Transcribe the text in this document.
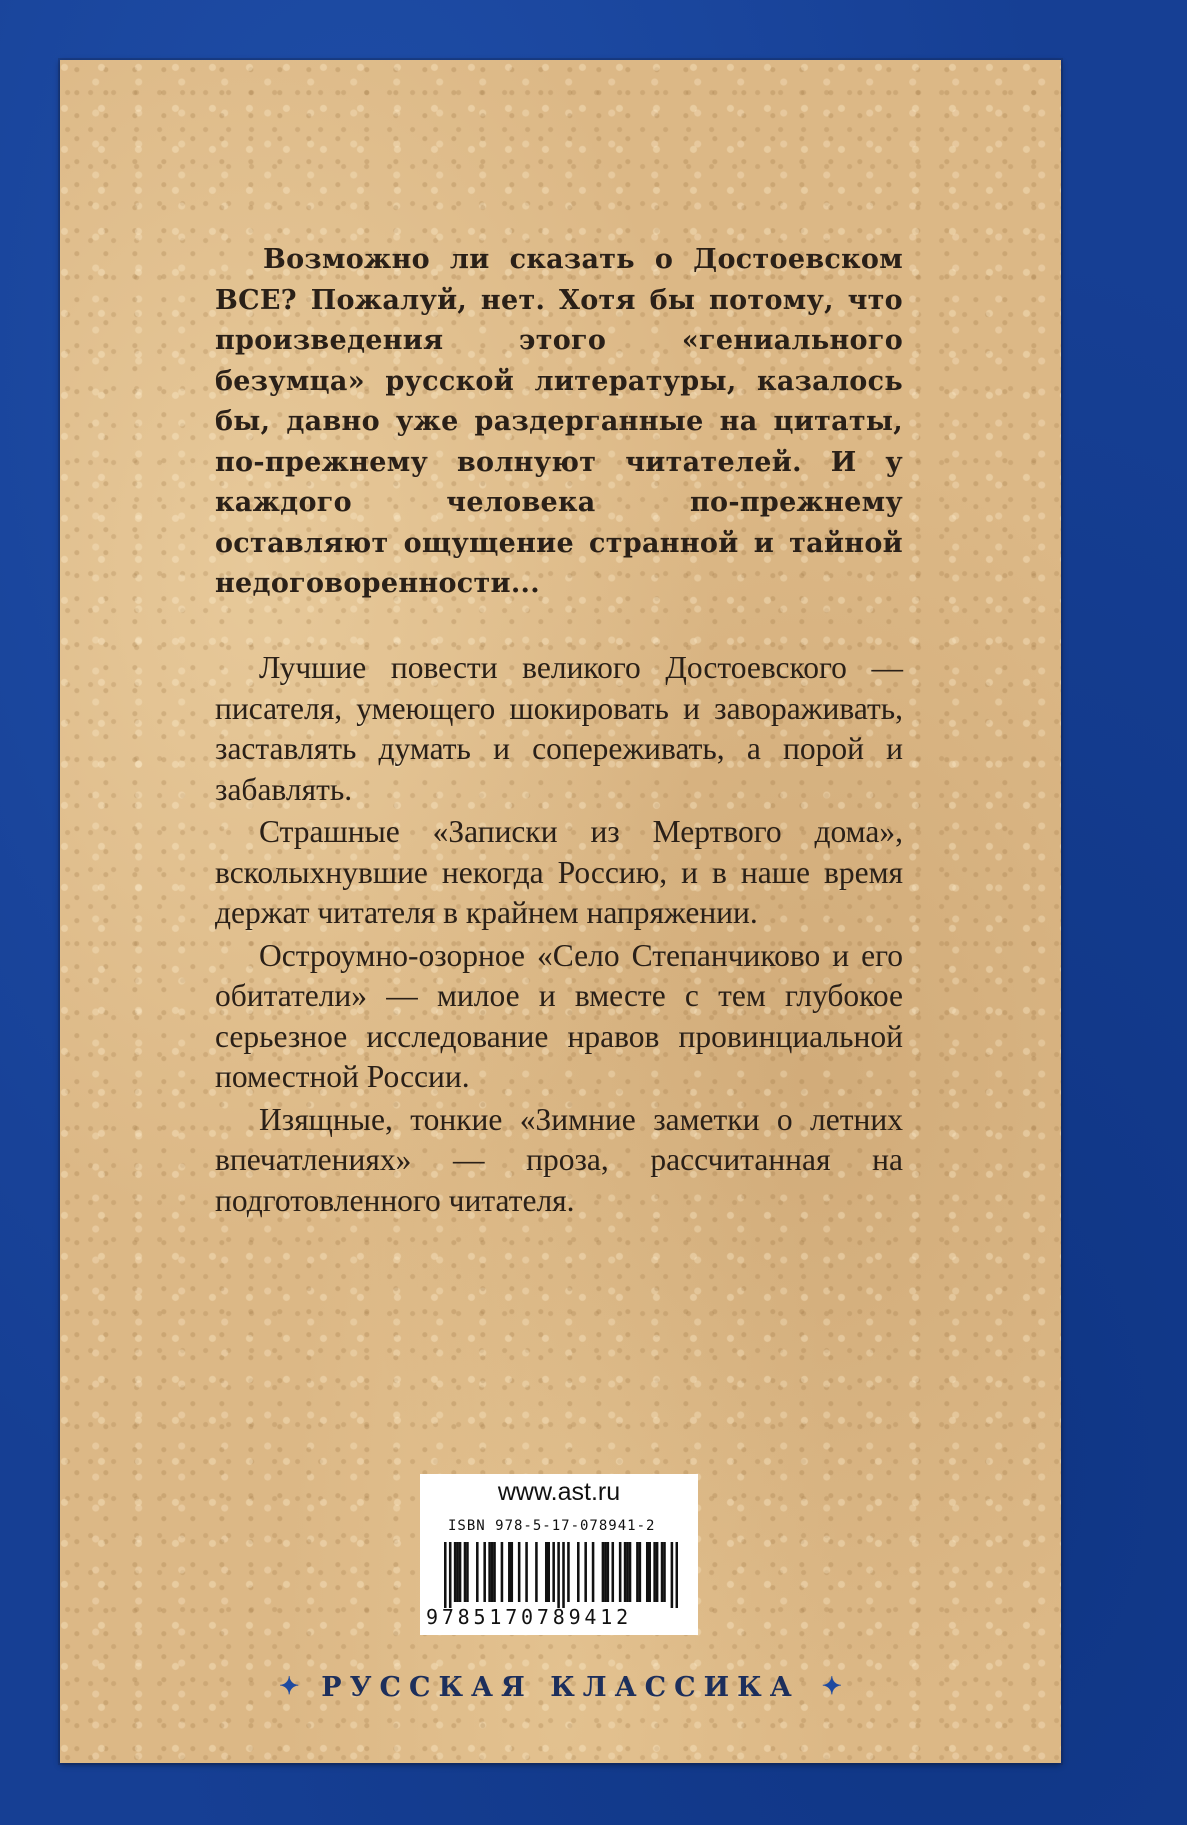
Возможно ли сказать о Достоевском ВСЕ? Пожалуй, нет. Хотя бы потому, что произведения этого «гениального безумца» русской литературы, казалось бы, давно уже раздерганные на цитаты, по-прежнему волнуют читателей. И у каждого человека по-прежнему оставляют ощущение странной и тайной недоговоренности...

Лучшие повести великого Достоевского — писателя, умеющего шокировать и завораживать, заставлять думать и сопереживать, а порой и забавлять.

Страшные «Записки из Мертвого дома», всколыхнувшие некогда Россию, и в наше время держат читателя в крайнем напряжении.

Остроумно-озорное «Село Степанчиково и его обитатели» — милое и вместе с тем глубокое серьезное исследование нравов провинциальной поместной России.

Изящные, тонкие «Зимние заметки о летних впечатлениях» — проза, рассчитанная на подготовленного читателя.

www.ast.ru
ISBN 978-5-17-078941-2
9785170789412
✦ РУССКАЯ КЛАССИКА ✦
